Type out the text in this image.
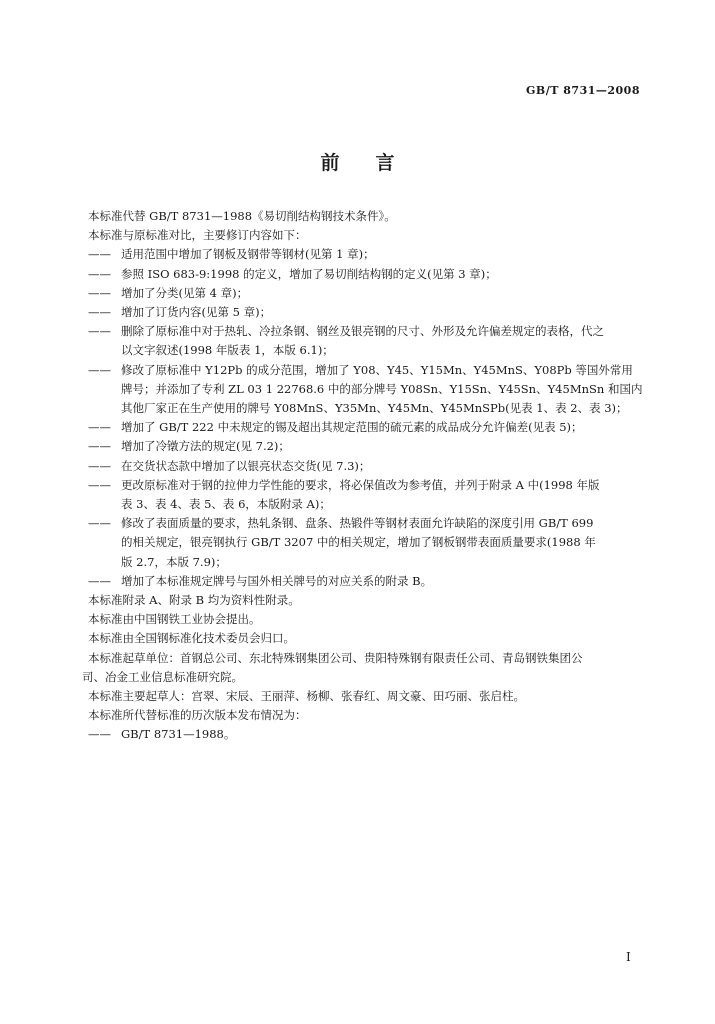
GB/T 8731—2008
前言
本标准代替 GB/T 8731—1988《易切削结构钢技术条件》。
本标准与原标准对比，主要修订内容如下：
—— 适用范围中增加了钢板及钢带等钢材(见第 1 章)；
—— 参照 ISO 683-9:1998 的定义，增加了易切削结构钢的定义(见第 3 章)；
—— 增加了分类(见第 4 章)；
—— 增加了订货内容(见第 5 章)；
—— 删除了原标准中对于热轧、冷拉条钢、钢丝及银亮钢的尺寸、外形及允许偏差规定的表格，代之
以文字叙述(1998 年版表 1，本版 6.1)；
—— 修改了原标准中 Y12Pb 的成分范围，增加了 Y08、Y45、Y15Mn、Y45MnS、Y08Pb 等国外常用
牌号；并添加了专利 ZL 03 1 22768.6 中的部分牌号 Y08Sn、Y15Sn、Y45Sn、Y45MnSn 和国内
其他厂家正在生产使用的牌号 Y08MnS、Y35Mn、Y45Mn、Y45MnSPb(见表 1、表 2、表 3)；
—— 增加了 GB/T 222 中未规定的锡及超出其规定范围的硫元素的成品成分允许偏差(见表 5)；
—— 增加了冷镦方法的规定(见 7.2)；
—— 在交货状态款中增加了以银亮状态交货(见 7.3)；
—— 更改原标准对于钢的拉伸力学性能的要求，将必保值改为参考值，并列于附录 A 中(1998 年版
表 3、表 4、表 5、表 6，本版附录 A)；
—— 修改了表面质量的要求，热轧条钢、盘条、热锻件等钢材表面允许缺陷的深度引用 GB/T 699
的相关规定，银亮钢执行 GB/T 3207 中的相关规定，增加了钢板钢带表面质量要求(1988 年
版 2.7，本版 7.9)；
—— 增加了本标准规定牌号与国外相关牌号的对应关系的附录 B。
本标准附录 A、附录 B 均为资料性附录。
本标准由中国钢铁工业协会提出。
本标准由全国钢标准化技术委员会归口。
本标准起草单位：首钢总公司、东北特殊钢集团公司、贵阳特殊钢有限责任公司、青岛钢铁集团公
司、冶金工业信息标准研究院。
本标准主要起草人：宫翠、宋辰、王丽萍、杨柳、张春红、周文豪、田巧丽、张启柱。
本标准所代替标准的历次版本发布情况为：
—— GB/T 8731—1988。
I
